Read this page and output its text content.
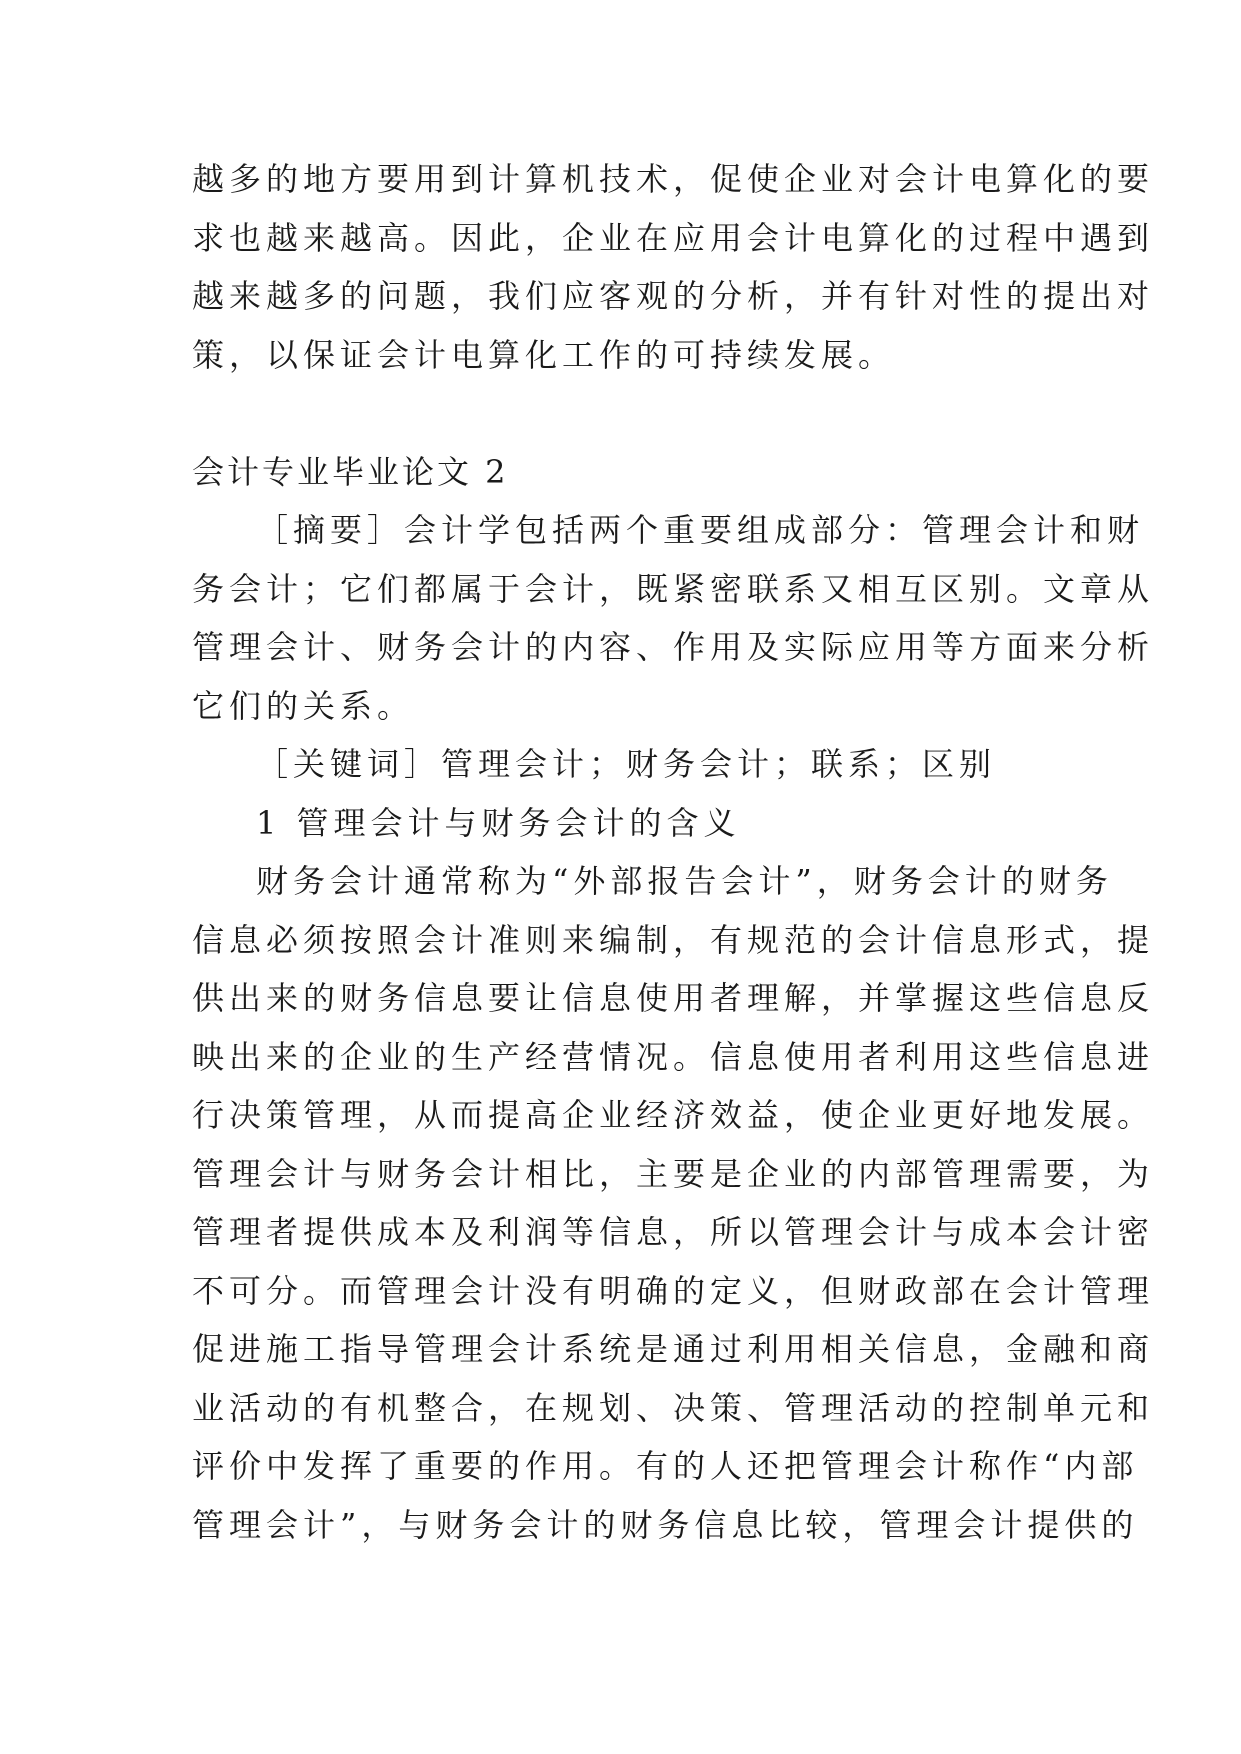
越多的地方要用到计算机技术，促使企业对会计电算化的要
求也越来越高。因此，企业在应用会计电算化的过程中遇到
越来越多的问题，我们应客观的分析，并有针对性的提出对
策，以保证会计电算化工作的可持续发展。
会计专业毕业论文 2
［摘要］会计学包括两个重要组成部分：管理会计和财
务会计；它们都属于会计，既紧密联系又相互区别。文章从
管理会计、财务会计的内容、作用及实际应用等方面来分析
它们的关系。
［关键词］管理会计；财务会计；联系；区别
1 管理会计与财务会计的含义
财务会计通常称为“外部报告会计”，财务会计的财务
信息必须按照会计准则来编制，有规范的会计信息形式，提
供出来的财务信息要让信息使用者理解，并掌握这些信息反
映出来的企业的生产经营情况。信息使用者利用这些信息进
行决策管理，从而提高企业经济效益，使企业更好地发展。
管理会计与财务会计相比，主要是企业的内部管理需要，为
管理者提供成本及利润等信息，所以管理会计与成本会计密
不可分。而管理会计没有明确的定义，但财政部在会计管理
促进施工指导管理会计系统是通过利用相关信息，金融和商
业活动的有机整合，在规划、决策、管理活动的控制单元和
评价中发挥了重要的作用。有的人还把管理会计称作“内部
管理会计”，与财务会计的财务信息比较，管理会计提供的
